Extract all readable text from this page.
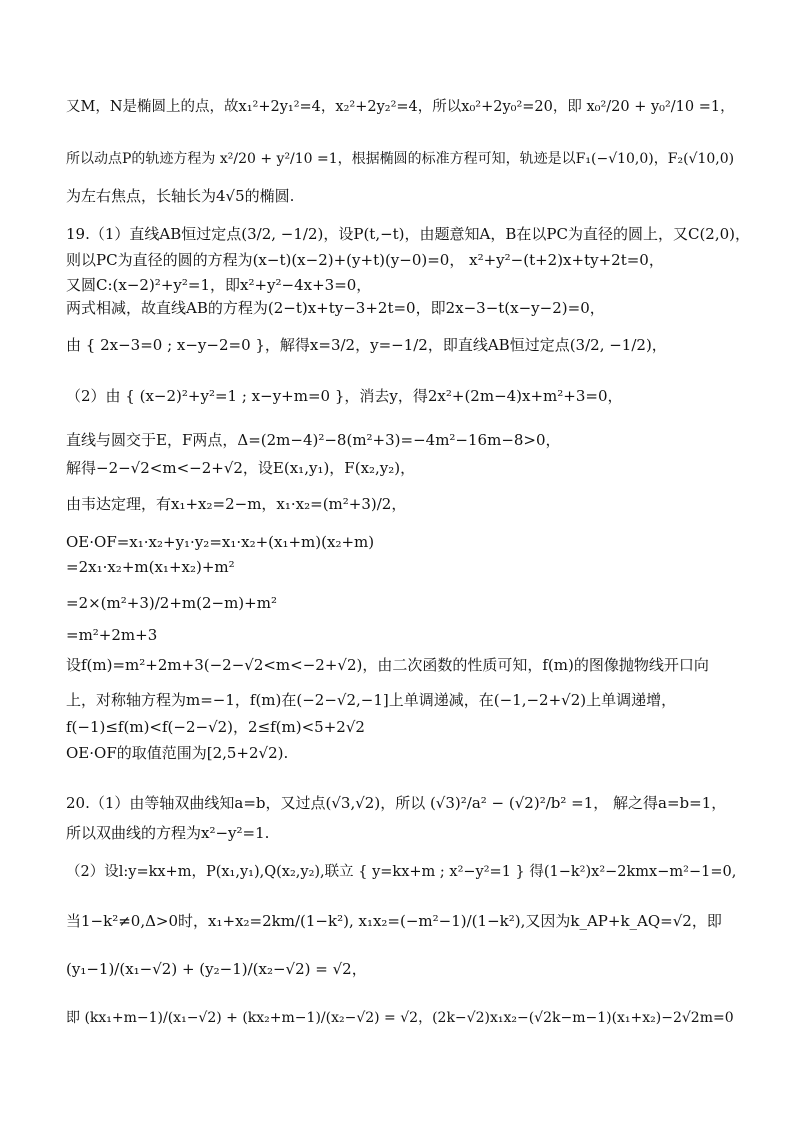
又M，N是椭圆上的点，故x₁²+2y₁²=4，x₂²+2y₂²=4，所以x₀²+2y₀²=20，即 x₀²/20 + y₀²/10 =1，
所以动点P的轨迹方程为 x²/20 + y²/10 =1，根据椭圆的标准方程可知，轨迹是以F₁(−√10,0)，F₂(√10,0)
为左右焦点，长轴长为4√5的椭圆.
19.（1）直线AB恒过定点(3/2, −1/2)，设P(t,−t)，由题意知A，B在以PC为直径的圆上，又C(2,0)，
则以PC为直径的圆的方程为(x−t)(x−2)+(y+t)(y−0)=0， x²+y²−(t+2)x+ty+2t=0，
又圆C:(x−2)²+y²=1，即x²+y²−4x+3=0，
两式相减，故直线AB的方程为(2−t)x+ty−3+2t=0，即2x−3−t(x−y−2)=0，
由 { 2x−3=0 ; x−y−2=0 }，解得x=3/2，y=−1/2，即直线AB恒过定点(3/2, −1/2)，
（2）由 { (x−2)²+y²=1 ; x−y+m=0 }，消去y，得2x²+(2m−4)x+m²+3=0，
直线与圆交于E，F两点，Δ=(2m−4)²−8(m²+3)=−4m²−16m−8>0，
解得−2−√2<m<−2+√2，设E(x₁,y₁)，F(x₂,y₂)，
由韦达定理，有x₁+x₂=2−m，x₁·x₂=(m²+3)/2，
OE·OF=x₁·x₂+y₁·y₂=x₁·x₂+(x₁+m)(x₂+m)
=2x₁·x₂+m(x₁+x₂)+m²
=2×(m²+3)/2+m(2−m)+m²
=m²+2m+3
设f(m)=m²+2m+3(−2−√2<m<−2+√2)，由二次函数的性质可知，f(m)的图像抛物线开口向
上，对称轴方程为m=−1，f(m)在(−2−√2,−1]上单调递减，在(−1,−2+√2)上单调递增，
f(−1)≤f(m)<f(−2−√2)，2≤f(m)<5+2√2
OE·OF的取值范围为[2,5+2√2).
20.（1）由等轴双曲线知a=b，又过点(√3,√2)，所以 (√3)²/a² − (√2)²/b² =1， 解之得a=b=1，
所以双曲线的方程为x²−y²=1.
（2）设l:y=kx+m，P(x₁,y₁),Q(x₂,y₂),联立 { y=kx+m ; x²−y²=1 } 得(1−k²)x²−2kmx−m²−1=0,
当1−k²≠0,Δ>0时，x₁+x₂=2km/(1−k²), x₁x₂=(−m²−1)/(1−k²),又因为k_AP+k_AQ=√2，即
(y₁−1)/(x₁−√2) + (y₂−1)/(x₂−√2) = √2，
即 (kx₁+m−1)/(x₁−√2) + (kx₂+m−1)/(x₂−√2) = √2，(2k−√2)x₁x₂−(√2k−m−1)(x₁+x₂)−2√2m=0
